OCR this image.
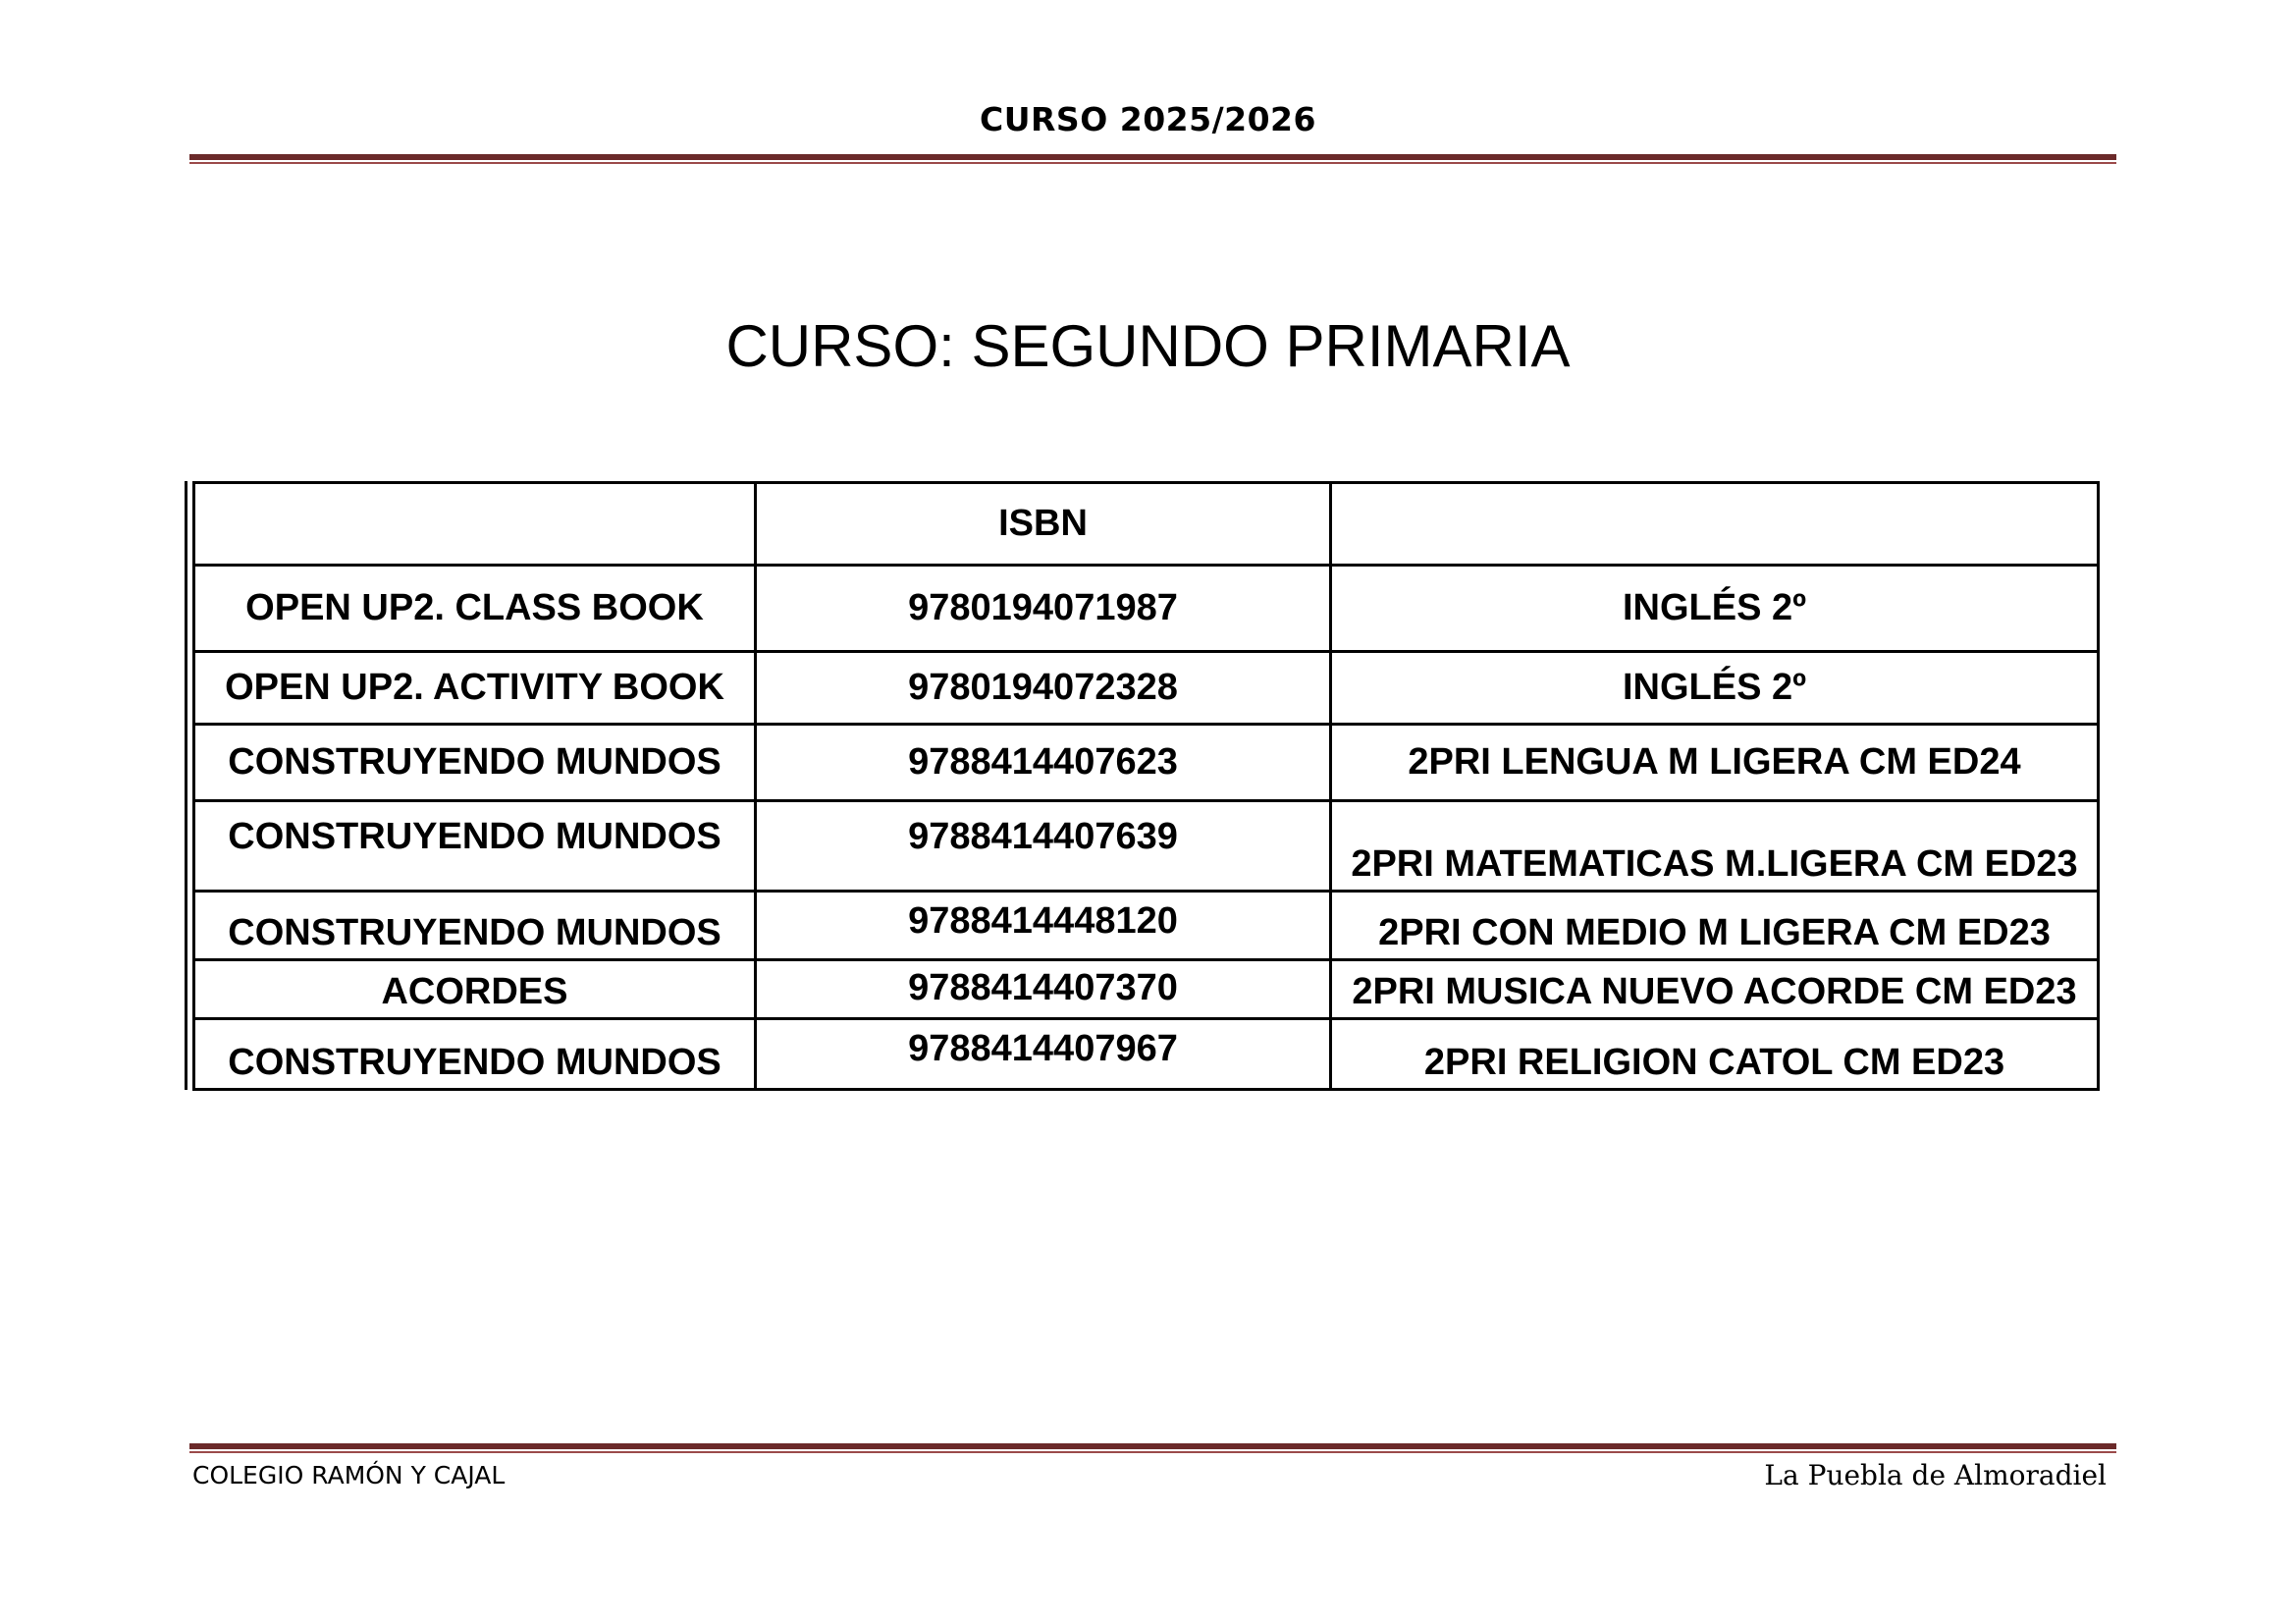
CURSO 2025/2026
CURSO: SEGUNDO PRIMARIA
	ISBN	
OPEN UP2. CLASS BOOK	9780194071987	INGLÉS 2º
OPEN UP2. ACTIVITY BOOK	9780194072328	INGLÉS 2º
CONSTRUYENDO MUNDOS	9788414407623	2PRI LENGUA M LIGERA CM ED24
CONSTRUYENDO MUNDOS	9788414407639	2PRI MATEMATICAS M.LIGERA CM ED23
CONSTRUYENDO MUNDOS	9788414448120	2PRI CON MEDIO M LIGERA CM ED23
ACORDES	9788414407370	2PRI MUSICA NUEVO ACORDE CM ED23
CONSTRUYENDO MUNDOS	9788414407967	2PRI RELIGION CATOL CM ED23
COLEGIO RAMÓN Y CAJAL	La Puebla de Almoradiel
